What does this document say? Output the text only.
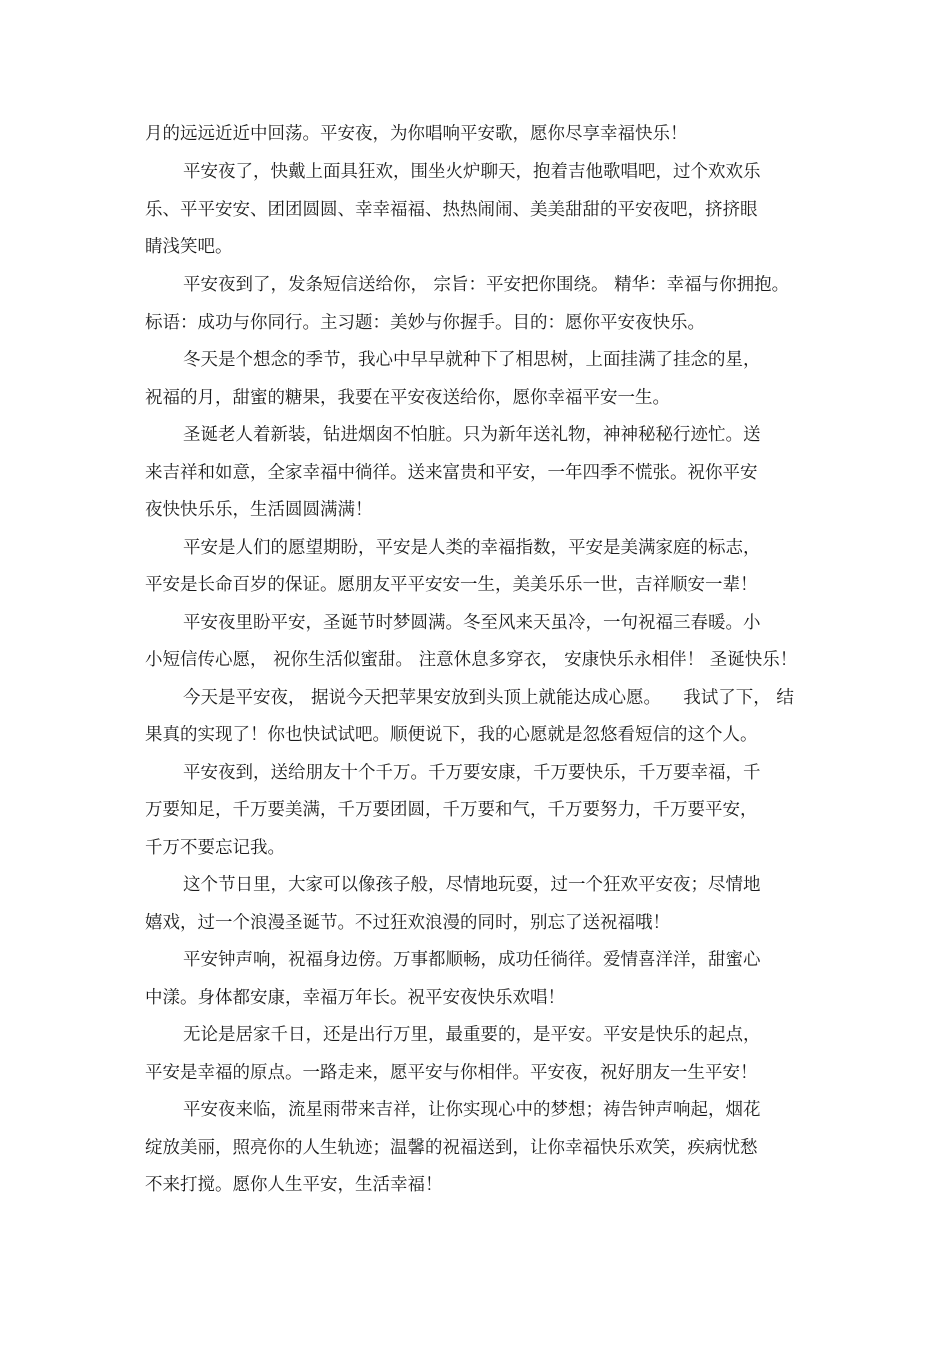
月的远远近近中回荡。平安夜，为你唱响平安歌，愿你尽享幸福快乐！
平安夜了，快戴上面具狂欢，围坐火炉聊天，抱着吉他歌唱吧，过个欢欢乐
乐、平平安安、团团圆圆、幸幸福福、热热闹闹、美美甜甜的平安夜吧，挤挤眼
睛浅笑吧。
平安夜到了，发条短信送给你， 宗旨：平安把你围绕。 精华：幸福与你拥抱。
标语：成功与你同行。主习题：美妙与你握手。目的：愿你平安夜快乐。
冬天是个想念的季节，我心中早早就种下了相思树，上面挂满了挂念的星，
祝福的月，甜蜜的糖果，我要在平安夜送给你，愿你幸福平安一生。
圣诞老人着新装，钻进烟囱不怕脏。只为新年送礼物，神神秘秘行迹忙。送
来吉祥和如意，全家幸福中徜徉。送来富贵和平安，一年四季不慌张。祝你平安
夜快快乐乐，生活圆圆满满！
平安是人们的愿望期盼，平安是人类的幸福指数，平安是美满家庭的标志，
平安是长命百岁的保证。愿朋友平平安安一生，美美乐乐一世，吉祥顺安一辈！
平安夜里盼平安，圣诞节时梦圆满。冬至风来天虽冷，一句祝福三春暖。小
小短信传心愿， 祝你生活似蜜甜。 注意休息多穿衣， 安康快乐永相伴！ 圣诞快乐！
今天是平安夜， 据说今天把苹果安放到头顶上就能达成心愿。    我试了下， 结
果真的实现了！你也快试试吧。顺便说下，我的心愿就是忽悠看短信的这个人。
平安夜到，送给朋友十个千万。千万要安康，千万要快乐，千万要幸福，千
万要知足，千万要美满，千万要团圆，千万要和气，千万要努力，千万要平安，
千万不要忘记我。
这个节日里，大家可以像孩子般，尽情地玩耍，过一个狂欢平安夜；尽情地
嬉戏，过一个浪漫圣诞节。不过狂欢浪漫的同时，别忘了送祝福哦！
平安钟声响，祝福身边傍。万事都顺畅，成功任徜徉。爱情喜洋洋，甜蜜心
中漾。身体都安康，幸福万年长。祝平安夜快乐欢唱！
无论是居家千日，还是出行万里，最重要的，是平安。平安是快乐的起点，
平安是幸福的原点。一路走来，愿平安与你相伴。平安夜，祝好朋友一生平安！
平安夜来临，流星雨带来吉祥，让你实现心中的梦想；祷告钟声响起，烟花
绽放美丽，照亮你的人生轨迹；温馨的祝福送到，让你幸福快乐欢笑，疾病忧愁
不来打搅。愿你人生平安，生活幸福！
